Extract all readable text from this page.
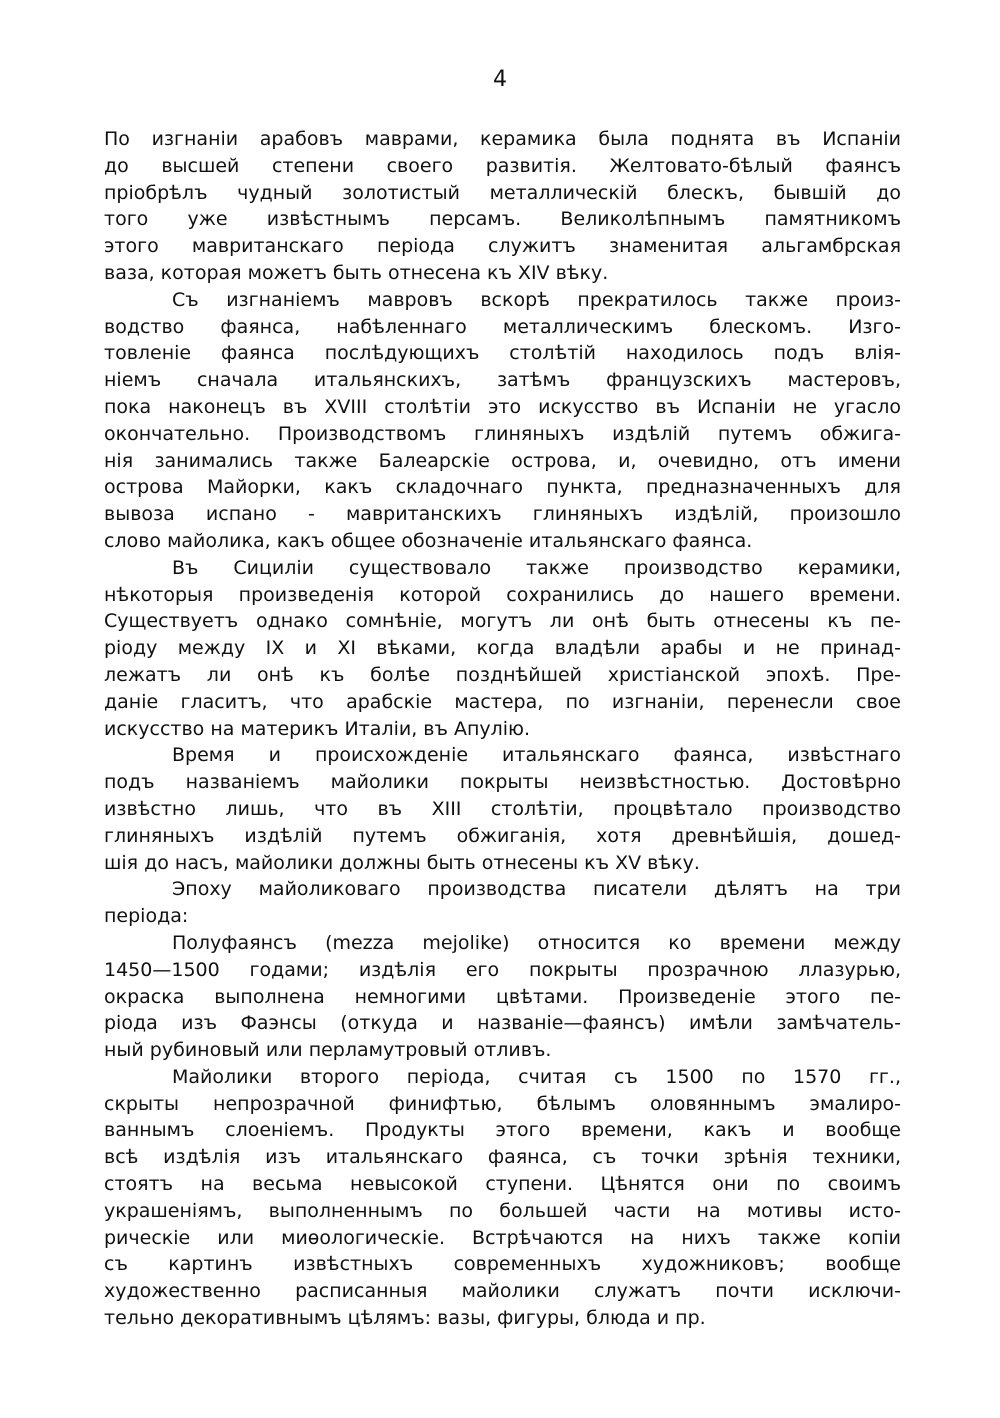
4
По изгнаніи арабовъ маврами, керамика была поднята въ Испаніи
до высшей степени своего развитія. Желтовато-бѣлый фаянсъ
пріобрѣлъ чудный золотистый металлическій блескъ, бывшій до
того уже извѣстнымъ персамъ. Великолѣпнымъ памятникомъ
этого мавританскаго періода служитъ знаменитая альгамбрская
ваза, которая можетъ быть отнесена къ XIV вѣку.
Съ изгнаніемъ мавровъ вскорѣ прекратилось также произ-
водство фаянса, набѣленнаго металлическимъ блескомъ. Изго-
товленіе фаянса послѣдующихъ столѣтій находилось подъ влія-
ніемъ сначала итальянскихъ, затѣмъ французскихъ мастеровъ,
пока наконецъ въ XVIII столѣтіи это искусство въ Испаніи не угасло
окончательно. Производствомъ глиняныхъ издѣлій путемъ обжига-
нія занимались также Балеарскіе острова, и, очевидно, отъ имени
острова Майорки, какъ складочнаго пункта, предназначенныхъ для
вывоза испано - мавританскихъ глиняныхъ издѣлій, произошло
слово майолика, какъ общее обозначеніе итальянскаго фаянса.
Въ Сициліи существовало также производство керамики,
нѣкоторыя произведенія которой сохранились до нашего времени.
Существуетъ однако сомнѣніе, могутъ ли онѣ быть отнесены къ пе-
ріоду между IX и XI вѣками, когда владѣли арабы и не принад-
лежатъ ли онѣ къ болѣе позднѣйшей христіанской эпохѣ. Пре-
даніе гласитъ, что арабскіе мастера, по изгнаніи, перенесли свое
искусство на материкъ Италіи, въ Апулію.
Время и происхожденіе итальянскаго фаянса, извѣстнаго
подъ названіемъ майолики покрыты неизвѣстностью. Достовѣрно
извѣстно лишь, что въ XIII столѣтіи, процвѣтало производство
глиняныхъ издѣлій путемъ обжиганія, хотя древнѣйшія, дошед-
шія до насъ, майолики должны быть отнесены къ XV вѣку.
Эпоху майоликоваго производства писатели дѣлятъ на три
періода:
Полуфаянсъ (mezza mejolike) относится ко времени между
1450—1500 годами; издѣлія его покрыты прозрачною ллазурью,
окраска выполнена немногими цвѣтами. Произведеніе этого пе-
ріода изъ Фаэнсы (откуда и названіе—фаянсъ) имѣли замѣчатель-
ный рубиновый или перламутровый отливъ.
Майолики второго періода, считая съ 1500 по 1570 гг.,
скрыты непрозрачной финифтью, бѣлымъ оловяннымъ эмалиро-
ваннымъ слоеніемъ. Продукты этого времени, какъ и вообще
всѣ издѣлія изъ итальянскаго фаянса, съ точки зрѣнія техники,
стоятъ на весьма невысокой ступени. Цѣнятся они по своимъ
украшеніямъ, выполненнымъ по большей части на мотивы исто-
рическіе или миѳологическіе. Встрѣчаются на нихъ также копіи
съ картинъ извѣстныхъ современныхъ художниковъ; вообще
художественно расписанныя майолики служатъ почти исключи-
тельно декоративнымъ цѣлямъ: вазы, фигуры, блюда и пр.
